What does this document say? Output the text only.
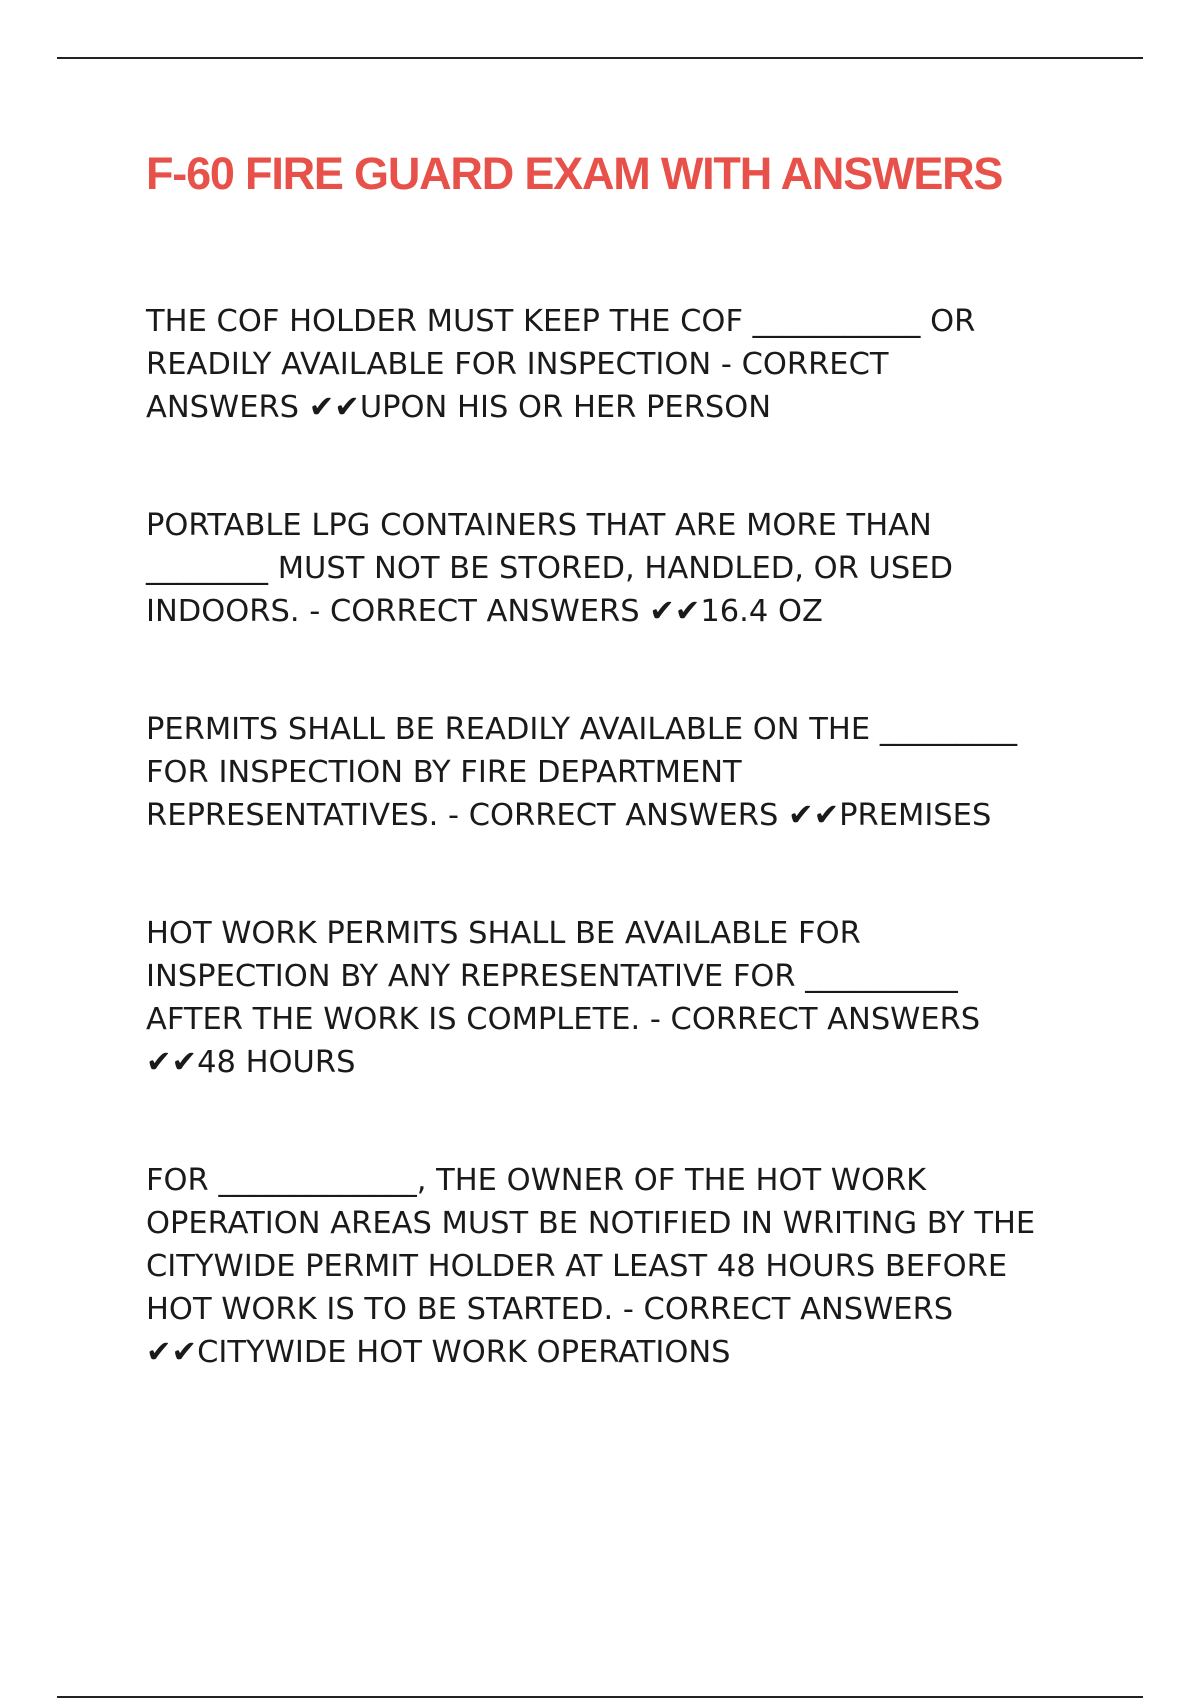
F-60 FIRE GUARD EXAM WITH ANSWERS
THE COF HOLDER MUST KEEP THE COF ___________ OR
READILY AVAILABLE FOR INSPECTION - CORRECT
ANSWERS ✔✔UPON HIS OR HER PERSON
PORTABLE LPG CONTAINERS THAT ARE MORE THAN
________ MUST NOT BE STORED, HANDLED, OR USED
INDOORS. - CORRECT ANSWERS ✔✔16.4 OZ
PERMITS SHALL BE READILY AVAILABLE ON THE _________
FOR INSPECTION BY FIRE DEPARTMENT
REPRESENTATIVES. - CORRECT ANSWERS ✔✔PREMISES
HOT WORK PERMITS SHALL BE AVAILABLE FOR
INSPECTION BY ANY REPRESENTATIVE FOR __________
AFTER THE WORK IS COMPLETE. - CORRECT ANSWERS
✔✔48 HOURS
FOR _____________, THE OWNER OF THE HOT WORK
OPERATION AREAS MUST BE NOTIFIED IN WRITING BY THE
CITYWIDE PERMIT HOLDER AT LEAST 48 HOURS BEFORE
HOT WORK IS TO BE STARTED. - CORRECT ANSWERS
✔✔CITYWIDE HOT WORK OPERATIONS
